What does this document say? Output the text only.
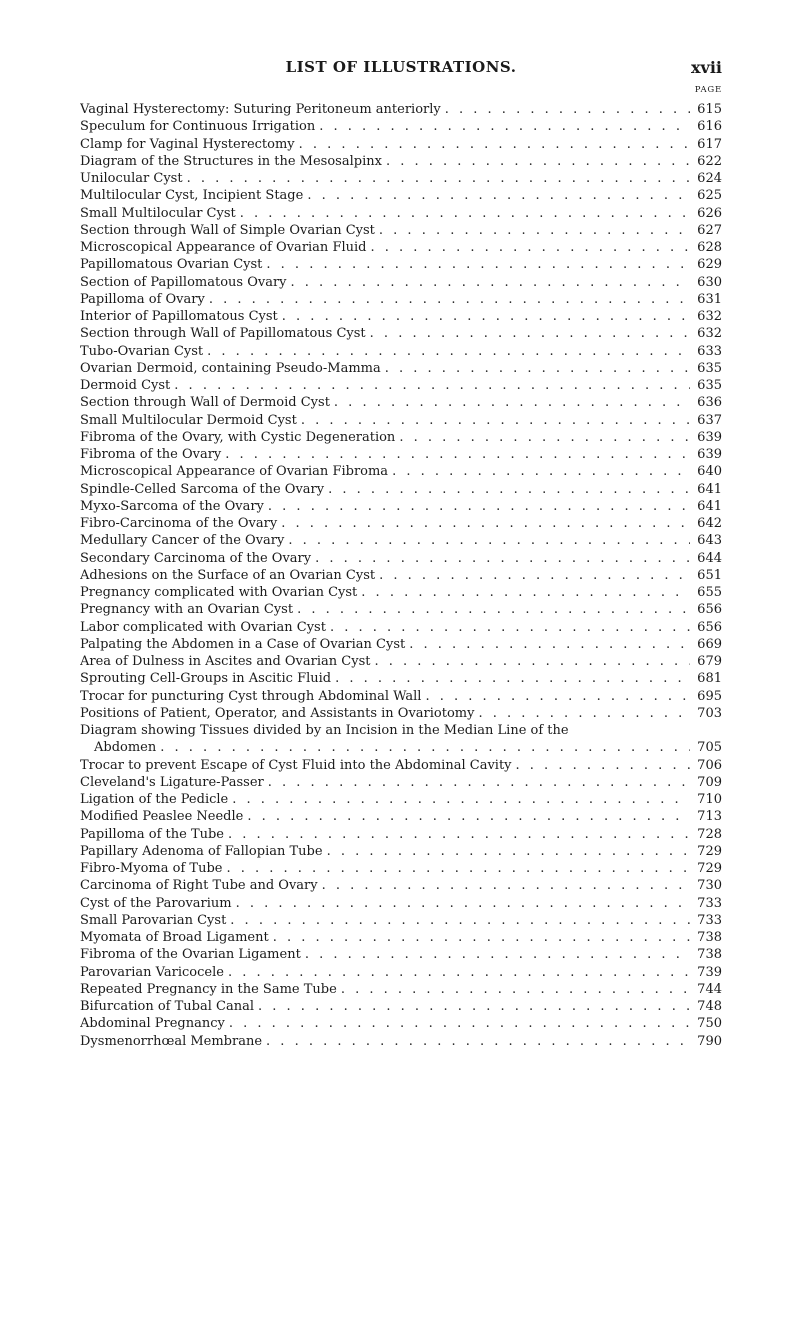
LIST OF ILLUSTRATIONS.	xvii
PAGE
Vaginal Hysterectomy: Suturing Peritoneum anteriorly . . .	615
Speculum for Continuous Irrigation . . .	616
Clamp for Vaginal Hysterectomy . . .	617
Diagram of the Structures in the Mesosalpinx . . .	622
Unilocular Cyst . . .	624
Multilocular Cyst, Incipient Stage . . .	625
Small Multilocular Cyst . . .	626
Section through Wall of Simple Ovarian Cyst . . .	627
Microscopical Appearance of Ovarian Fluid . . .	628
Papillomatous Ovarian Cyst . . .	629
Section of Papillomatous Ovary . . .	630
Papilloma of Ovary . . .	631
Interior of Papillomatous Cyst . . .	632
Section through Wall of Papillomatous Cyst . . .	632
Tubo-Ovarian Cyst . . .	633
Ovarian Dermoid, containing Pseudo-Mamma . . .	635
Dermoid Cyst . . .	635
Section through Wall of Dermoid Cyst . . .	636
Small Multilocular Dermoid Cyst . . .	637
Fibroma of the Ovary, with Cystic Degeneration . . .	639
Fibroma of the Ovary . . .	639
Microscopical Appearance of Ovarian Fibroma . . .	640
Spindle-Celled Sarcoma of the Ovary . . .	641
Myxo-Sarcoma of the Ovary . . .	641
Fibro-Carcinoma of the Ovary . . .	642
Medullary Cancer of the Ovary . . .	643
Secondary Carcinoma of the Ovary . . .	644
Adhesions on the Surface of an Ovarian Cyst . . .	651
Pregnancy complicated with Ovarian Cyst . . .	655
Pregnancy with an Ovarian Cyst . . .	656
Labor complicated with Ovarian Cyst . . .	656
Palpating the Abdomen in a Case of Ovarian Cyst . . .	669
Area of Dulness in Ascites and Ovarian Cyst . . .	679
Sprouting Cell-Groups in Ascitic Fluid . . .	681
Trocar for puncturing Cyst through Abdominal Wall . . .	695
Positions of Patient, Operator, and Assistants in Ovariotomy . . .	703
Diagram showing Tissues divided by an Incision in the Median Line of the
Abdomen . . .	705
Trocar to prevent Escape of Cyst Fluid into the Abdominal Cavity . . .	706
Cleveland's Ligature-Passer . . .	709
Ligation of the Pedicle . . .	710
Modified Peaslee Needle . . .	713
Papilloma of the Tube . . .	728
Papillary Adenoma of Fallopian Tube . . .	729
Fibro-Myoma of Tube . . .	729
Carcinoma of Right Tube and Ovary . . .	730
Cyst of the Parovarium . . .	733
Small Parovarian Cyst . . .	733
Myomata of Broad Ligament . . .	738
Fibroma of the Ovarian Ligament . . .	738
Parovarian Varicocele . . .	739
Repeated Pregnancy in the Same Tube . . .	744
Bifurcation of Tubal Canal . . .	748
Abdominal Pregnancy . . .	750
Dysmenorrhœal Membrane . . .	790
